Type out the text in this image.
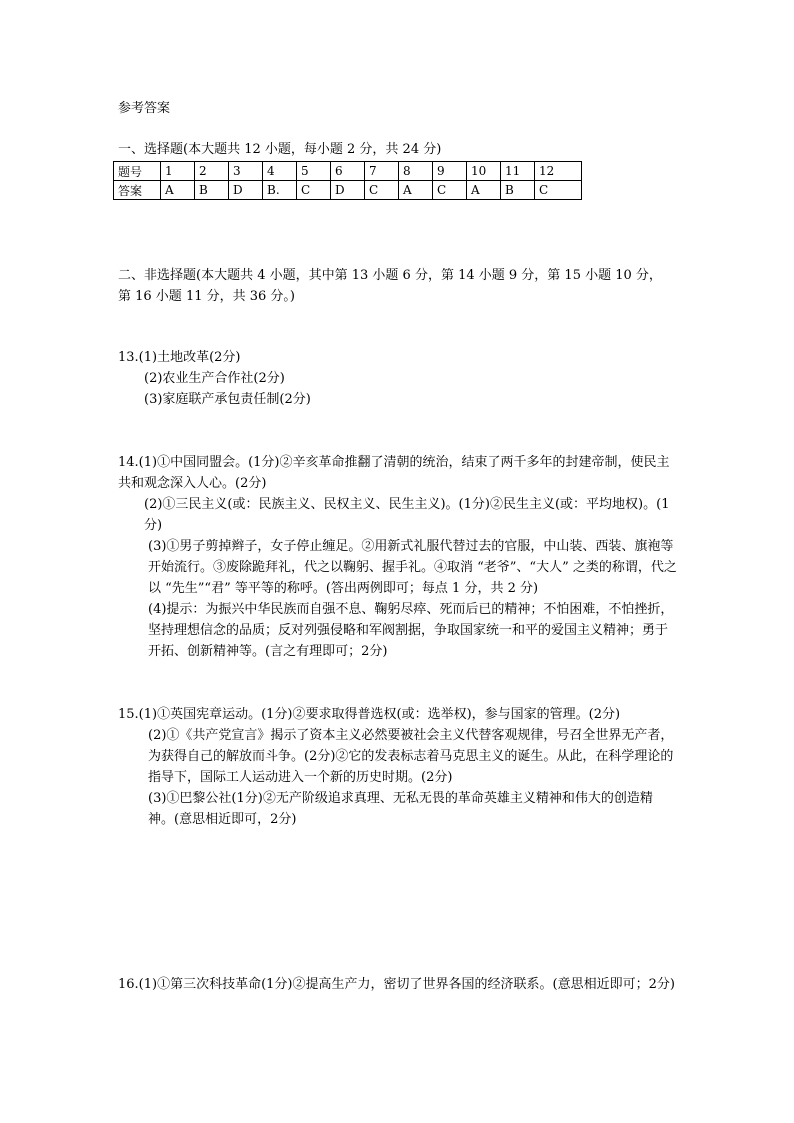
参考答案
一、选择题(本大题共 12 小题，每小题 2 分，共 24 分)
题号	1	2	3	4	5	6	7	8	9	10	11	12
答案	A	B	D	B.	C	D	C	A	C	A	B	C
二、非选择题(本大题共 4 小题，其中第 13 小题 6 分，第 14 小题 9 分，第 15 小题 10 分，
第 16 小题 11 分，共 36 分。)
13.(1)土地改革(2分)
(2)农业生产合作社(2分)
(3)家庭联产承包责任制(2分)
14.(1)①中国同盟会。(1分)②辛亥革命推翻了清朝的统治，结束了两千多年的封建帝制，使民主共和观念深入人心。(2分)
(2)①三民主义(或：民族主义、民权主义、民生主义)。(1分)②民生主义(或：平均地权)。(1分)
(3)①男子剪掉辫子，女子停止缠足。②用新式礼服代替过去的官服，中山装、西装、旗袍等开始流行。③废除跪拜礼，代之以鞠躬、握手礼。④取消 “老爷”、“大人” 之类的称谓，代之以 “先生”“君” 等平等的称呼。(答出两例即可；每点 1 分，共 2 分)
(4)提示：为振兴中华民族而自强不息、鞠躬尽瘁、死而后已的精神；不怕困难，不怕挫折，坚持理想信念的品质；反对列强侵略和军阀割据，争取国家统一和平的爱国主义精神；勇于开拓、创新精神等。(言之有理即可；2分)
15.(1)①英国宪章运动。(1分)②要求取得普选权(或：选举权)，参与国家的管理。(2分)
(2)①《共产党宣言》揭示了资本主义必然要被社会主义代替客观规律，号召全世界无产者，为获得自己的解放而斗争。(2分)②它的发表标志着马克思主义的诞生。从此，在科学理论的指导下，国际工人运动进入一个新的历史时期。(2分)
(3)①巴黎公社(1分)②无产阶级追求真理、无私无畏的革命英雄主义精神和伟大的创造精神。(意思相近即可，2分)
16.(1)①第三次科技革命(1分)②提高生产力，密切了世界各国的经济联系。(意思相近即可；2分)
